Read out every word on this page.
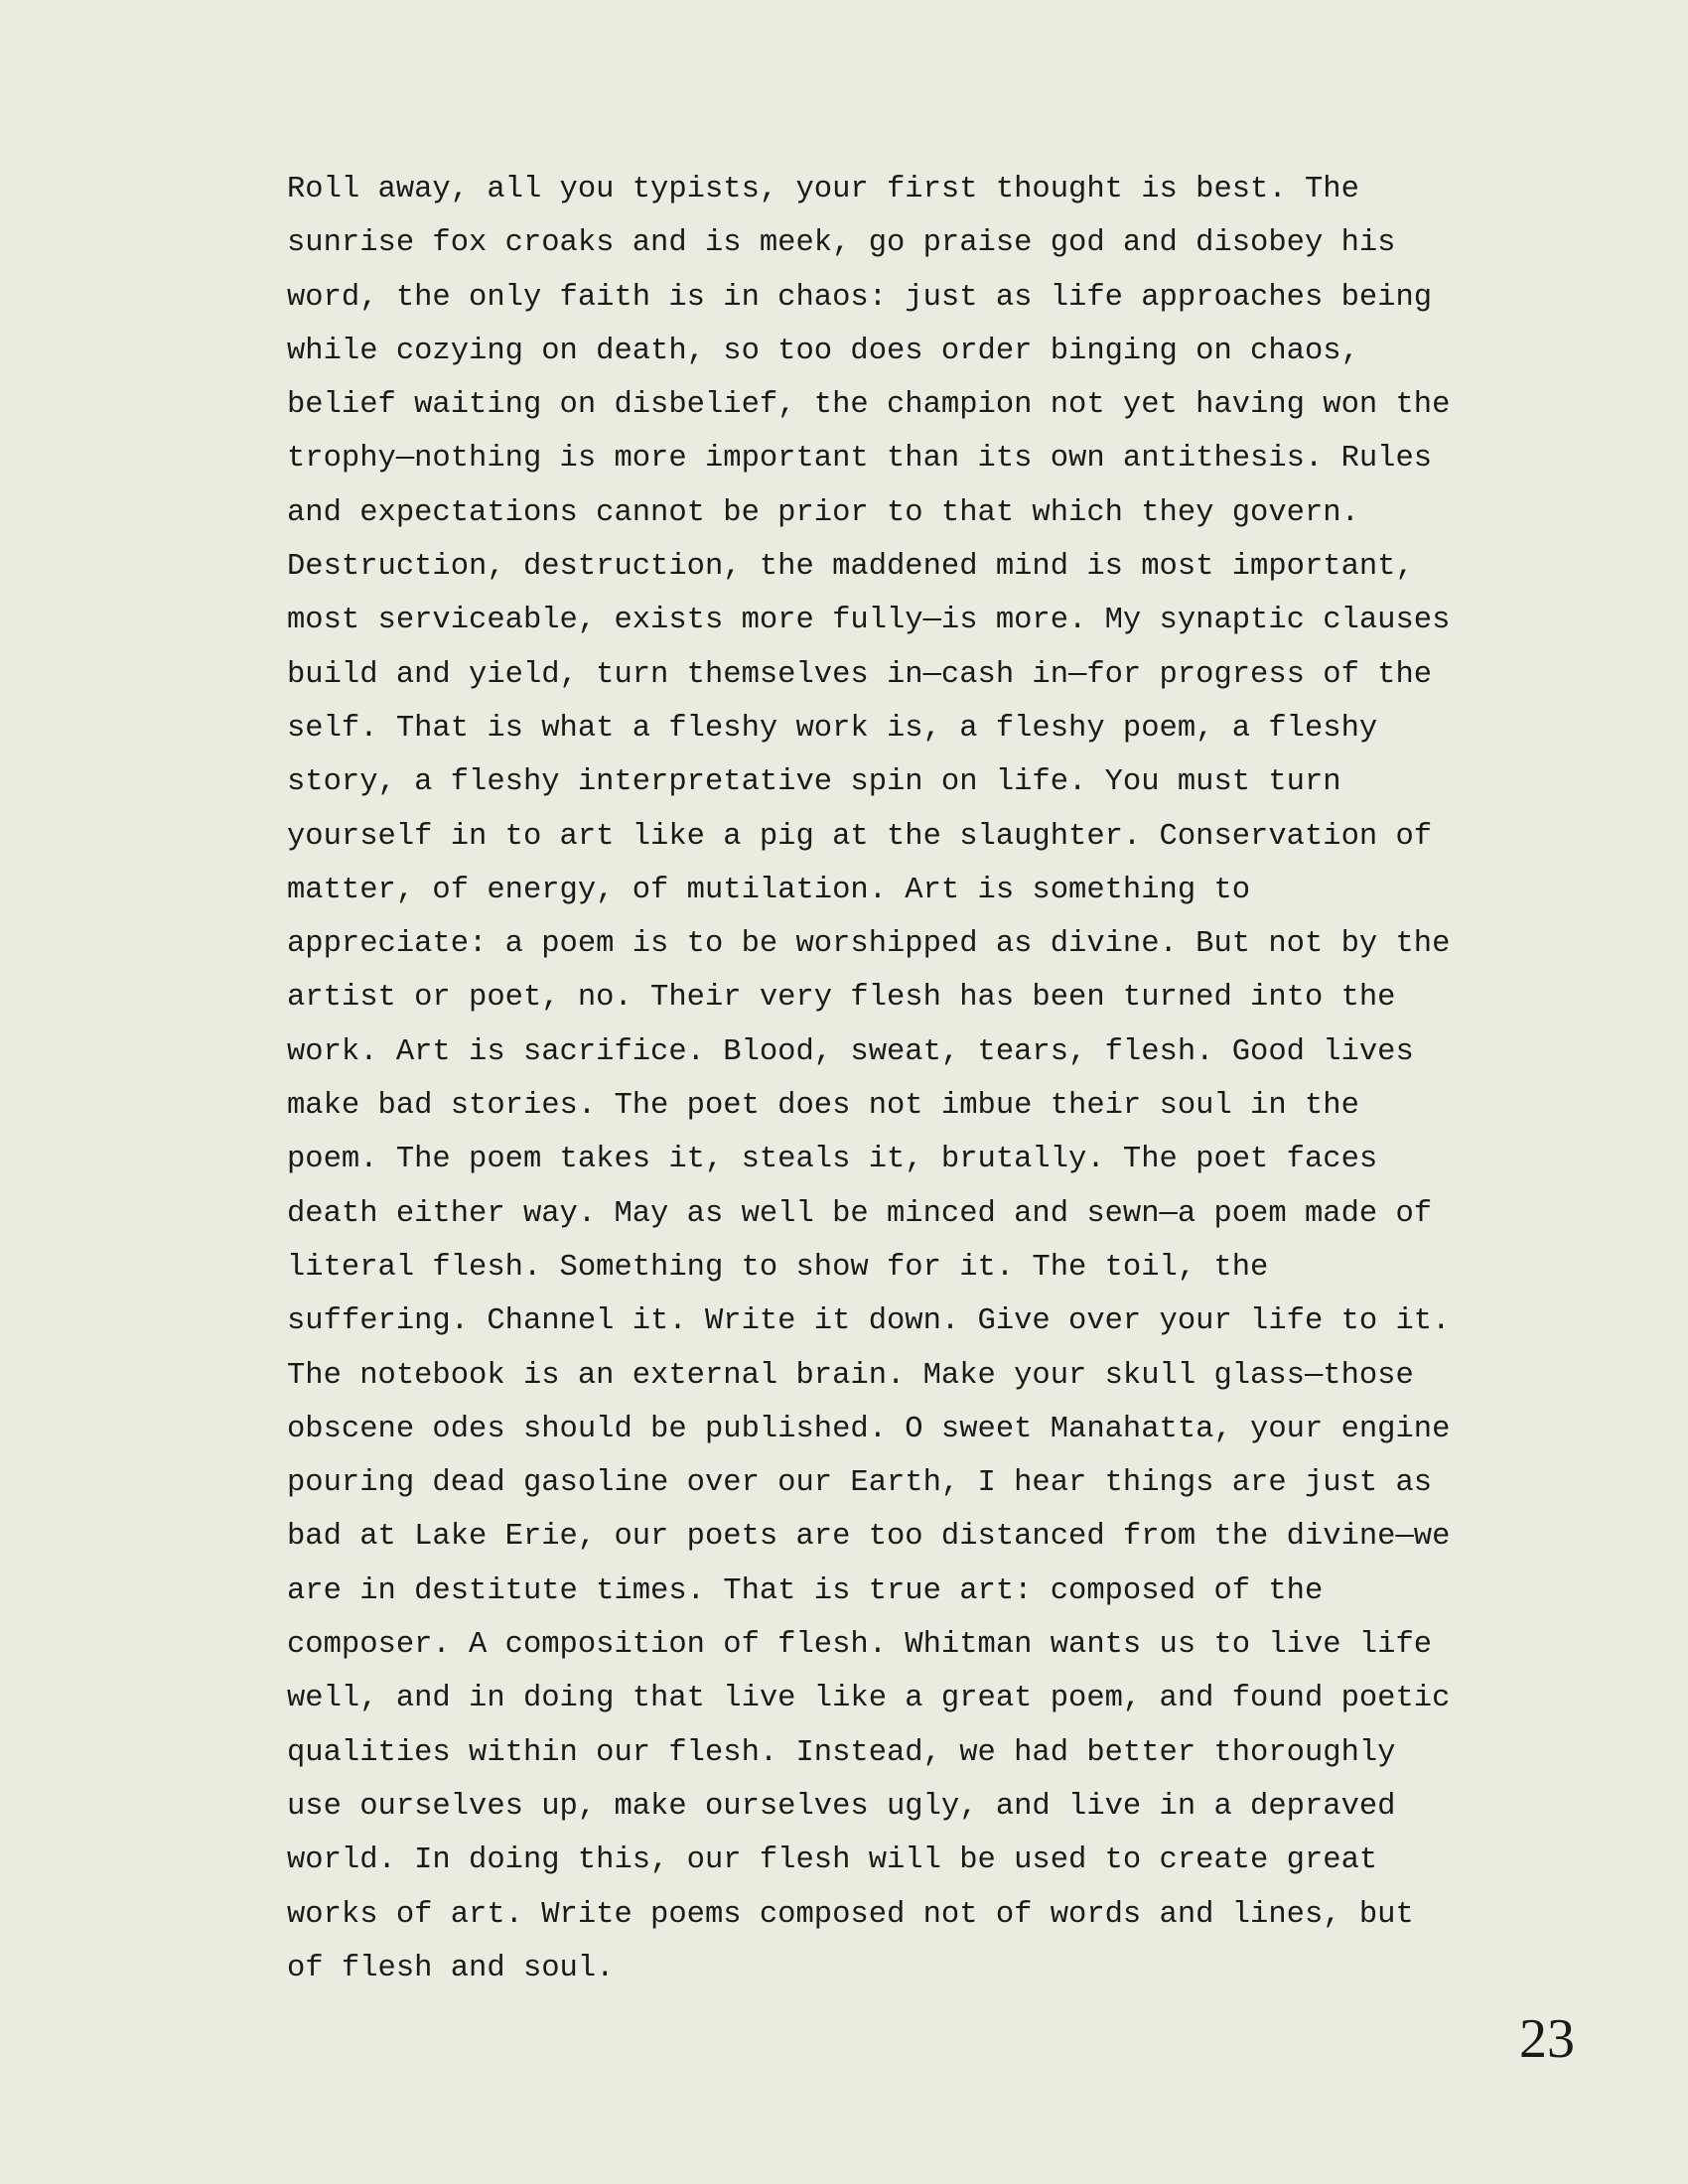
Roll away, all you typists, your first thought is best. The
sunrise fox croaks and is meek, go praise god and disobey his
word, the only faith is in chaos: just as life approaches being
while cozying on death, so too does order binging on chaos,
belief waiting on disbelief, the champion not yet having won the
trophy—nothing is more important than its own antithesis. Rules
and expectations cannot be prior to that which they govern.
Destruction, destruction, the maddened mind is most important,
most serviceable, exists more fully—is more. My synaptic clauses
build and yield, turn themselves in—cash in—for progress of the
self. That is what a fleshy work is, a fleshy poem, a fleshy
story, a fleshy interpretative spin on life. You must turn
yourself in to art like a pig at the slaughter. Conservation of
matter, of energy, of mutilation. Art is something to
appreciate: a poem is to be worshipped as divine. But not by the
artist or poet, no. Their very flesh has been turned into the
work. Art is sacrifice. Blood, sweat, tears, flesh. Good lives
make bad stories. The poet does not imbue their soul in the
poem. The poem takes it, steals it, brutally. The poet faces
death either way. May as well be minced and sewn—a poem made of
literal flesh. Something to show for it. The toil, the
suffering. Channel it. Write it down. Give over your life to it.
The notebook is an external brain. Make your skull glass—those
obscene odes should be published. O sweet Manahatta, your engine
pouring dead gasoline over our Earth, I hear things are just as
bad at Lake Erie, our poets are too distanced from the divine—we
are in destitute times. That is true art: composed of the
composer. A composition of flesh. Whitman wants us to live life
well, and in doing that live like a great poem, and found poetic
qualities within our flesh. Instead, we had better thoroughly
use ourselves up, make ourselves ugly, and live in a depraved
world. In doing this, our flesh will be used to create great
works of art. Write poems composed not of words and lines, but
of flesh and soul.
23
